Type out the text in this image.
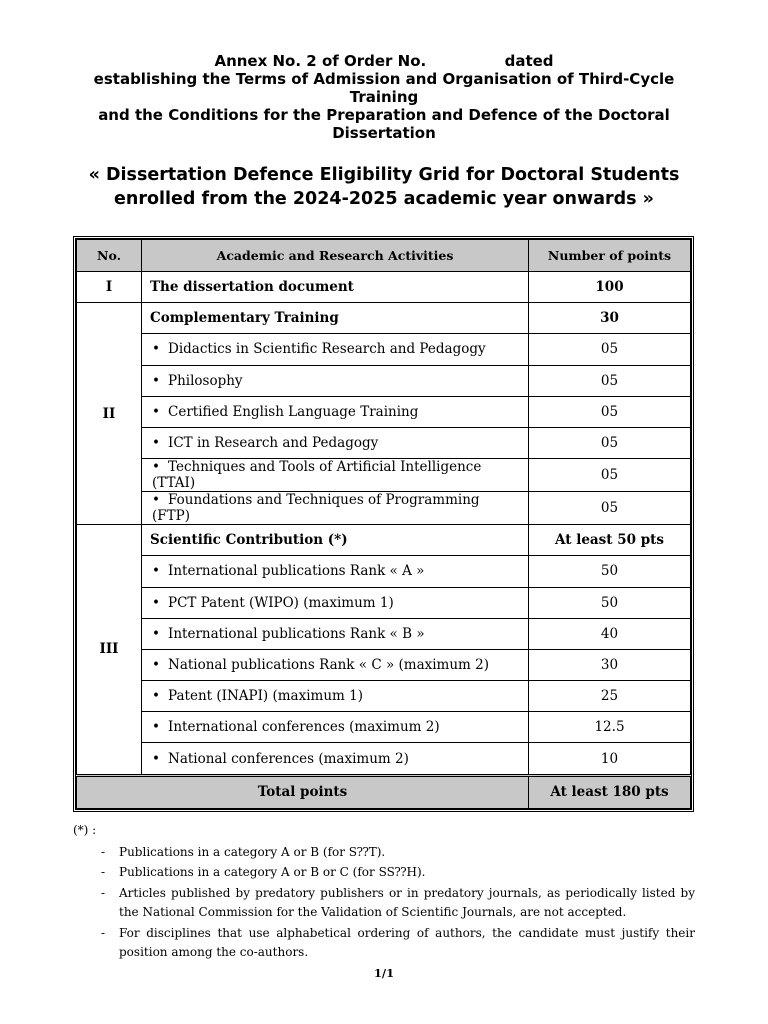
Annex No. 2 of Order No.	dated
establishing the Terms of Admission and Organisation of Third-Cycle Training
and the Conditions for the Preparation and Defence of the Doctoral Dissertation
« Dissertation Defence Eligibility Grid for Doctoral Students enrolled from the 2024-2025 academic year onwards »
No.	Academic and Research Activities	Number of points
I	The dissertation document	100
II	Complementary Training	30
	• Didactics in Scientific Research and Pedagogy	05
	• Philosophy	05
	• Certified English Language Training	05
	• ICT in Research and Pedagogy	05
	• Techniques and Tools of Artificial Intelligence (TTAI)	05
	• Foundations and Techniques of Programming (FTP)	05
III	Scientific Contribution (*)	At least 50 pts
	• International publications Rank « A »	50
	• PCT Patent (WIPO) (maximum 1)	50
	• International publications Rank « B »	40
	• National publications Rank « C » (maximum 2)	30
	• Patent (INAPI) (maximum 1)	25
	• International conferences (maximum 2)	12.5
	• National conferences (maximum 2)	10
Total points		At least 180 pts
(*) :
- Publications in a category A or B (for S⁇T).
- Publications in a category A or B or C (for SS⁇H).
- Articles published by predatory publishers or in predatory journals, as periodically listed by the National Commission for the Validation of Scientific Journals, are not accepted.
- For disciplines that use alphabetical ordering of authors, the candidate must justify their position among the co-authors.
1/1
